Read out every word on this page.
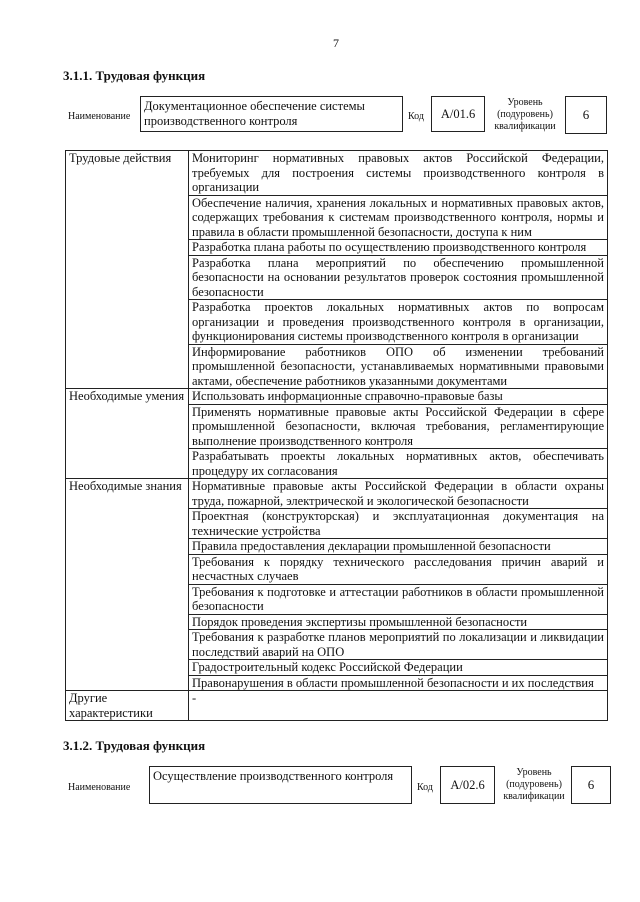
7
3.1.1. Трудовая функция
Наименование
Документационное обеспечение системы производственного контроля	Код	А/01.6
Уровень (подуровень) квалификации
6
Трудовые действия	Мониторинг нормативных правовых актов Российской Федерации, требуемых для построения системы производственного контроля в организации
	Обеспечение наличия, хранения локальных и нормативных правовых актов, содержащих требования к системам производственного контроля, нормы и правила в области промышленной безопасности, доступа к ним
	Разработка плана работы по осуществлению производственного контроля
	Разработка плана мероприятий по обеспечению промышленной безопасности на основании результатов проверок состояния промышленной безопасности
	Разработка проектов локальных нормативных актов по вопросам организации и проведения производственного контроля в организации, функционирования системы производственного контроля в организации
	Информирование работников ОПО об изменении требований промышленной безопасности, устанавливаемых нормативными правовыми актами, обеспечение работников указанными документами
Необходимые умения	Использовать информационные справочно-правовые базы
	Применять нормативные правовые акты Российской Федерации в сфере промышленной безопасности, включая требования, регламентирующие выполнение производственного контроля
	Разрабатывать проекты локальных нормативных актов, обеспечивать процедуру их согласования
Необходимые знания	Нормативные правовые акты Российской Федерации в области охраны труда, пожарной, электрической и экологической безопасности
	Проектная (конструкторская) и эксплуатационная документация на технические устройства
	Правила предоставления декларации промышленной безопасности
	Требования к порядку технического расследования причин аварий и несчастных случаев
	Требования к подготовке и аттестации работников в области промышленной безопасности
	Порядок проведения экспертизы промышленной безопасности
	Требования к разработке планов мероприятий по локализации и ликвидации последствий аварий на ОПО
	Градостроительный кодекс Российской Федерации
	Правонарушения в области промышленной безопасности и их последствия
Другие характеристики	-
3.1.2. Трудовая функция
Наименование
Осуществление производственного контроля
Код	А/02.6
Уровень (подуровень) квалификации
6
